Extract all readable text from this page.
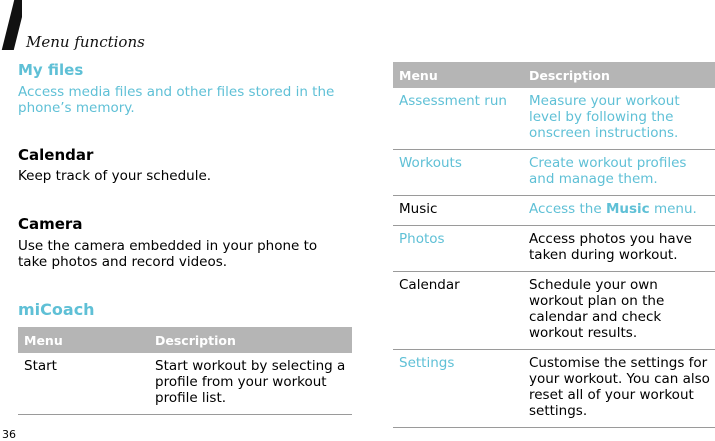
Menu functions
My files
Access media files and other files stored in the phone’s memory.
Calendar
Keep track of your schedule.
Camera
Use the camera embedded in your phone to take photos and record videos.
miCoach
Menu	Description
Start	Start workout by selecting a profile from your workout profile list.
Menu	Description
Assessment run	Measure your workout level by following the onscreen instructions.
Workouts	Create workout profiles and manage them.
Music	Access the Music menu.
Photos	Access photos you have taken during workout.
Calendar	Schedule your own workout plan on the calendar and check workout results.
Settings	Customise the settings for your workout. You can also reset all of your workout settings.
36
